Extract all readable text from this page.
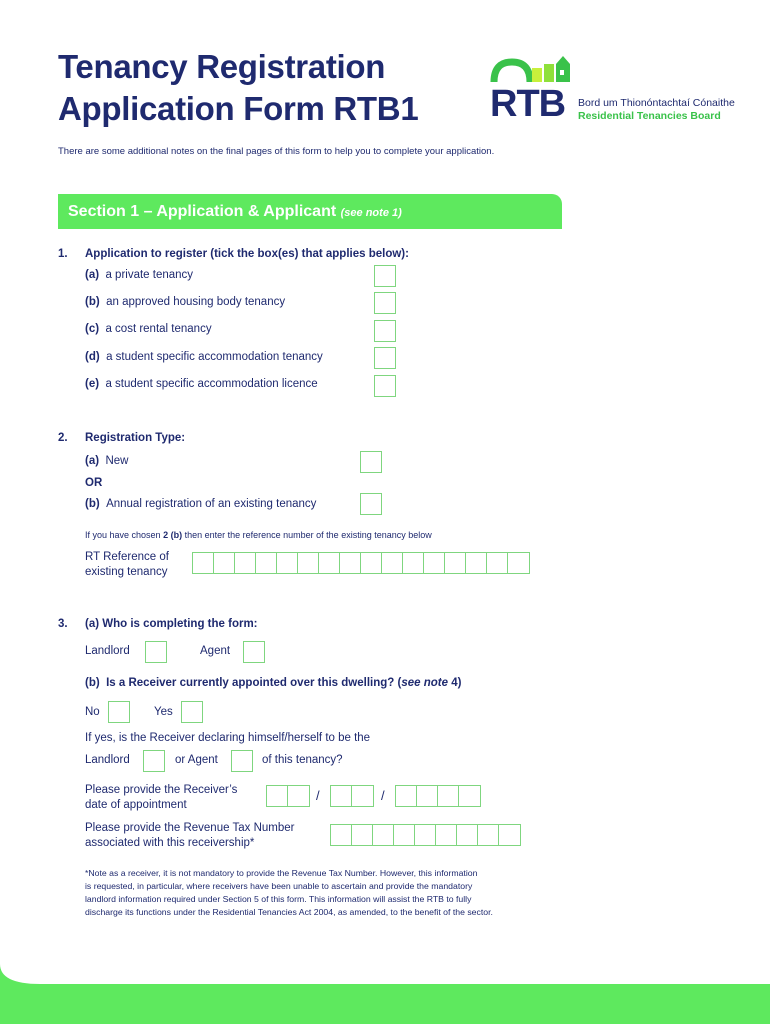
Tenancy Registration
Application Form RTB1 RTB Bord um Thionóntachtaí Cónaithe
Residential Tenancies Board
There are some additional notes on the final pages of this form to help you to complete your application.
Section 1 – Application & Applicant (see note 1)
1. Application to register (tick the box(es) that applies below):
(a) a private tenancy
(b) an approved housing body tenancy
(c) a cost rental tenancy
(d) a student specific accommodation tenancy
(e) a student specific accommodation licence
2. Registration Type:
(a) New
OR
(b) Annual registration of an existing tenancy
If you have chosen 2 (b) then enter the reference number of the existing tenancy below
RT Reference of
existing tenancy
3. (a) Who is completing the form:
Landlord	Agent
(b) Is a Receiver currently appointed over this dwelling? (see note 4)
No	Yes
If yes, is the Receiver declaring himself/herself to be the
Landlord	or Agent	of this tenancy?
Please provide the Receiver’s
date of appointment
/	/
Please provide the Revenue Tax Number
associated with this receivership*
*Note as a receiver, it is not mandatory to provide the Revenue Tax Number. However, this information
is requested, in particular, where receivers have been unable to ascertain and provide the mandatory
landlord information required under Section 5 of this form. This information will assist the RTB to fully
discharge its functions under the Residential Tenancies Act 2004, as amended, to the benefit of the sector.
